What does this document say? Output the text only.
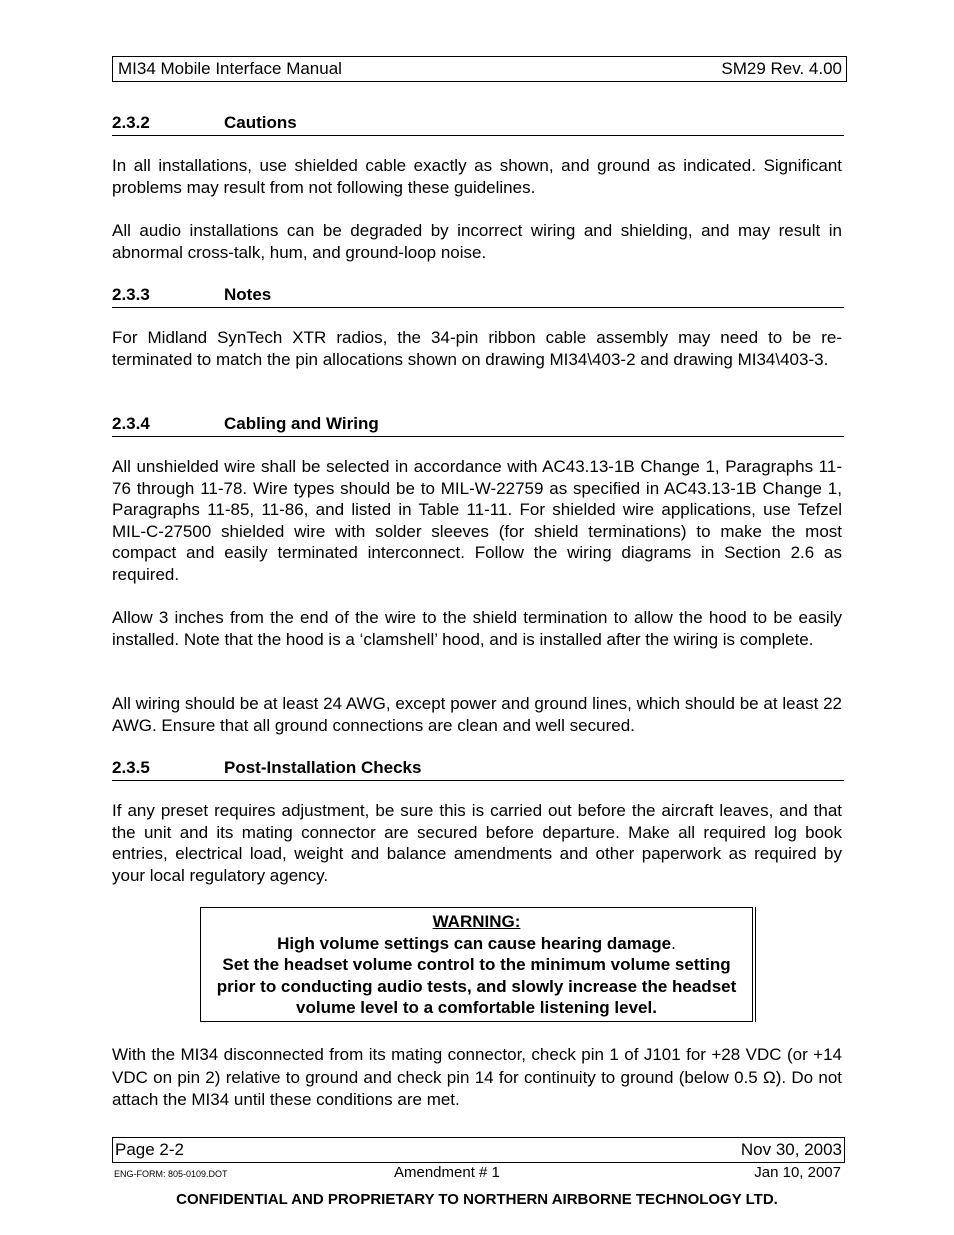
MI34 Mobile Interface Manual	SM29 Rev. 4.00
2.3.2	Cautions

In all installations, use shielded cable exactly as shown, and ground as indicated. Significant problems may result from not following these guidelines.

All audio installations can be degraded by incorrect wiring and shielding, and may result in abnormal cross-talk, hum, and ground-loop noise.

2.3.3	Notes

For Midland SynTech XTR radios, the 34-pin ribbon cable assembly may need to be re-terminated to match the pin allocations shown on drawing MI34\403-2 and drawing MI34\403-3.

2.3.4	Cabling and Wiring

All unshielded wire shall be selected in accordance with AC43.13-1B Change 1, Paragraphs 11-76 through 11-78. Wire types should be to MIL-W-22759 as specified in AC43.13-1B Change 1, Paragraphs 11-85, 11-86, and listed in Table 11-11. For shielded wire applications, use Tefzel MIL-C-27500 shielded wire with solder sleeves (for shield terminations) to make the most compact and easily terminated interconnect. Follow the wiring diagrams in Section 2.6 as required.

Allow 3 inches from the end of the wire to the shield termination to allow the hood to be easily installed. Note that the hood is a ‘clamshell’ hood, and is installed after the wiring is complete.

All wiring should be at least 24 AWG, except power and ground lines, which should be at least 22 AWG. Ensure that all ground connections are clean and well secured.

2.3.5	Post-Installation Checks

If any preset requires adjustment, be sure this is carried out before the aircraft leaves, and that the unit and its mating connector are secured before departure. Make all required log book entries, electrical load, weight and balance amendments and other paperwork as required by your local regulatory agency.

WARNING:
High volume settings can cause hearing damage.
Set the headset volume control to the minimum volume setting prior to conducting audio tests, and slowly increase the headset volume level to a comfortable listening level.

With the MI34 disconnected from its mating connector, check pin 1 of J101 for +28 VDC (or +14 VDC on pin 2) relative to ground and check pin 14 for continuity to ground (below 0.5 Ω). Do not attach the MI34 until these conditions are met.

Page 2-2	Nov 30, 2003
ENG-FORM: 805-0109.DOT	Amendment # 1	Jan 10, 2007
CONFIDENTIAL AND PROPRIETARY TO NORTHERN AIRBORNE TECHNOLOGY LTD.
